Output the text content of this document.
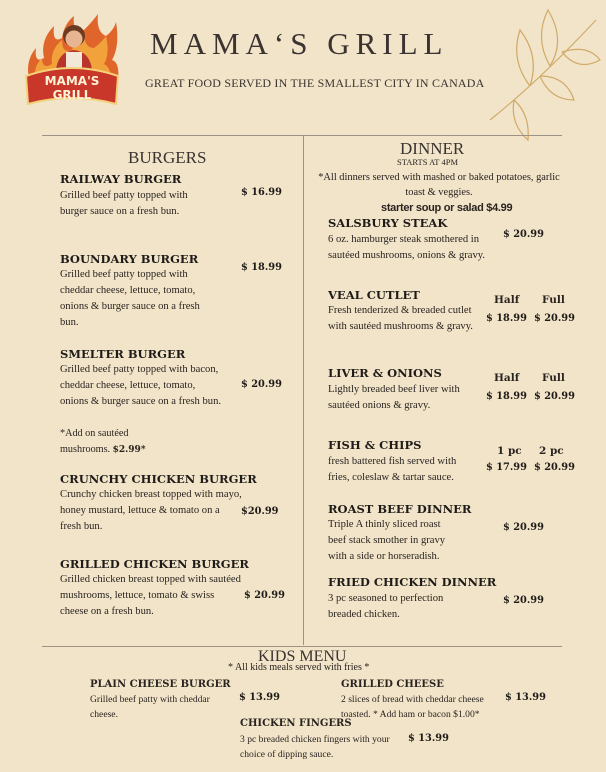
MAMA'S
GRILL
MAMA‘S GRILL
GREAT FOOD SERVED IN THE SMALLEST CITY IN CANADA
BURGERS
RAILWAY BURGER
Grilled beef patty topped with burger sauce on a fresh bun.
$ 16.99
BOUNDARY BURGER
Grilled beef patty topped with cheddar cheese, lettuce, tomato, onions & burger sauce on a fresh bun.
$ 18.99
SMELTER BURGER
Grilled beef patty topped with bacon, cheddar cheese, lettuce, tomato, onions & burger sauce on a fresh bun.
*Add on sautéed mushrooms. $2.99*
$ 20.99
CRUNCHY CHICKEN BURGER
Crunchy chicken breast topped with mayo, honey mustard, lettuce & tomato on a fresh bun.
$20.99
GRILLED CHICKEN BURGER
Grilled chicken breast topped with sautéed mushrooms, lettuce, tomato & swiss cheese on a fresh bun.
$ 20.99
DINNER
STARTS AT 4PM
*All dinners served with mashed or baked potatoes, garlic toast & veggies.
starter soup or salad $4.99
SALSBURY STEAK
6 oz. hamburger steak smothered in sautéed mushrooms, onions & gravy.
$ 20.99
VEAL CUTLET
Fresh tenderized & breaded cutlet with sautéed mushrooms & gravy.
Half Full
$ 18.99 $ 20.99
LIVER & ONIONS
Lightly breaded beef liver with sautéed onions & gravy.
Half Full
$ 18.99 $ 20.99
FISH & CHIPS
fresh battered fish served with fries, coleslaw & tartar sauce.
1 pc 2 pc
$ 17.99 $ 20.99
ROAST BEEF DINNER
Triple A thinly sliced roast beef stack smother in gravy with a side or horseradish.
$ 20.99
FRIED CHICKEN DINNER
3 pc seasoned to perfection breaded chicken.
$ 20.99
KIDS MENU
* All kids meals served with fries *
PLAIN CHEESE BURGER
Grilled beef patty with cheddar cheese.
$ 13.99
GRILLED CHEESE
2 slices of bread with cheddar cheese toasted. * Add ham or bacon $1.00*
$ 13.99
CHICKEN FINGERS
3 pc breaded chicken fingers with your choice of dipping sauce.
$ 13.99
